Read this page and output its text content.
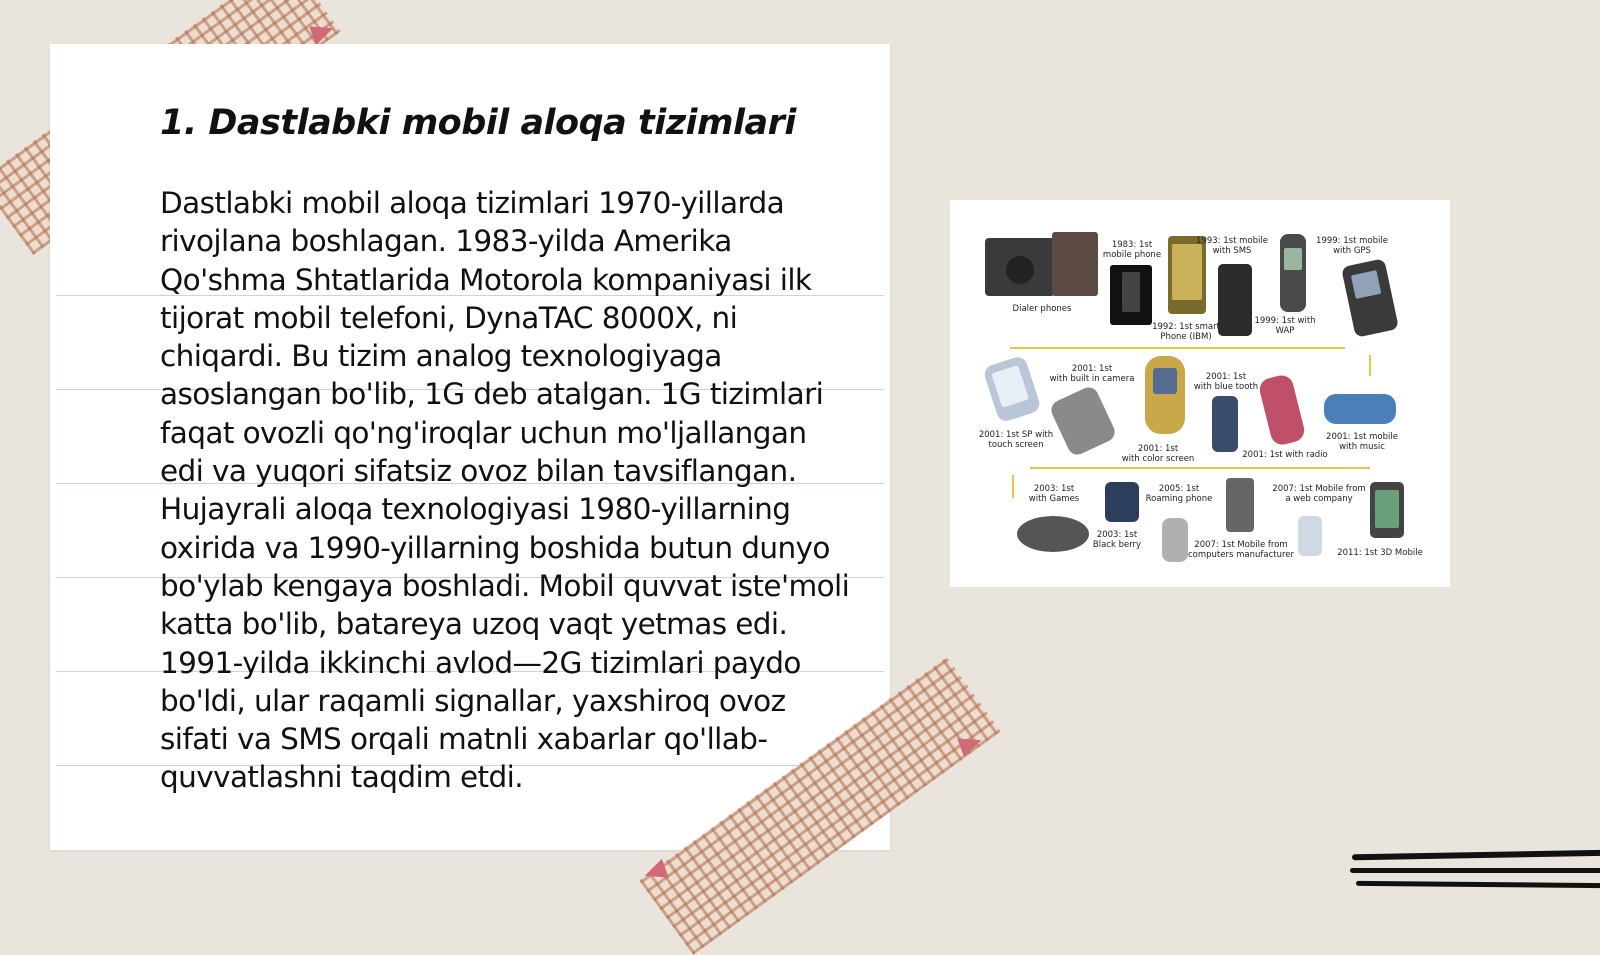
1. Dastlabki mobil aloqa tizimlari

Dastlabki mobil aloqa tizimlari 1970-yillarda rivojlana boshlagan. 1983-yilda Amerika Qo'shma Shtatlarida Motorola kompaniyasi ilk tijorat mobil telefoni, DynaTAC 8000X, ni chiqardi. Bu tizim analog texnologiyaga asoslangan bo'lib, 1G deb atalgan. 1G tizimlari faqat ovozli qo'ng'iroqlar uchun mo'ljallangan edi va yuqori sifatsiz ovoz bilan tavsiflangan. Hujayrali aloqa texnologiyasi 1980-yillarning oxirida va 1990-yillarning boshida butun dunyo bo'ylab kengaya boshladi. Mobil quvvat iste'moli katta bo'lib, batareya uzoq vaqt yetmas edi. 1991-yilda ikkinchi avlod—2G tizimlari paydo bo'ldi, ular raqamli signallar, yaxshiroq ovoz sifati va SMS orqali matnli xabarlar qo'llab-quvvatlashni taqdim etdi.

Dialer phones
1983: 1st
mobile phone
1993: 1st mobile
with SMS
1999: 1st mobile
with GPS
1992: 1st smart
Phone (IBM)
1999: 1st with
WAP
2001: 1st
with built in camera	2001: 1st
with blue tooth
2001: 1st SP with
touch screen	2001: 1st
with color screen	2001: 1st with radio
2001: 1st mobile
with music
2003: 1st
with Games
2005: 1st
Roaming phone
2007: 1st Mobile from
a web company
2003: 1st
Black berry	2007: 1st Mobile from
computers manufacturer	2011: 1st 3D Mobile
